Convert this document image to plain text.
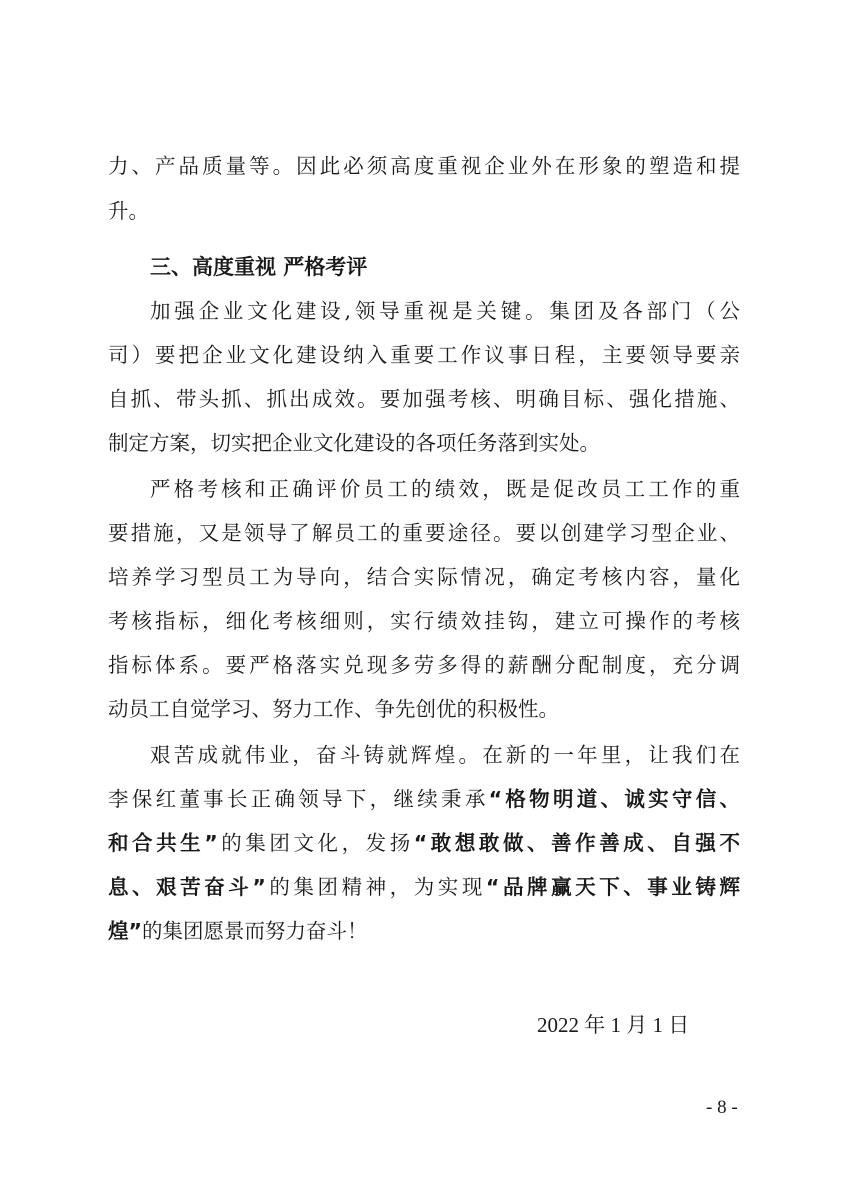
力、产品质量等。因此必须高度重视企业外在形象的塑造和提
升。
三、高度重视 严格考评
加强企业文化建设,领导重视是关键。集团及各部门（公
司）要把企业文化建设纳入重要工作议事日程，主要领导要亲
自抓、带头抓、抓出成效。要加强考核、明确目标、强化措施、
制定方案，切实把企业文化建设的各项任务落到实处。
严格考核和正确评价员工的绩效，既是促改员工工作的重
要措施，又是领导了解员工的重要途径。要以创建学习型企业、
培养学习型员工为导向，结合实际情况，确定考核内容，量化
考核指标，细化考核细则，实行绩效挂钩，建立可操作的考核
指标体系。要严格落实兑现多劳多得的薪酬分配制度，充分调
动员工自觉学习、努力工作、争先创优的积极性。
艰苦成就伟业，奋斗铸就辉煌。在新的一年里，让我们在
李保红董事长正确领导下，继续秉承“格物明道、诚实守信、
和合共生”的集团文化，发扬“敢想敢做、善作善成、自强不
息、艰苦奋斗”的集团精神，为实现“品牌赢天下、事业铸辉
煌”的集团愿景而努力奋斗！
2022 年 1 月 1 日
- 8 -
